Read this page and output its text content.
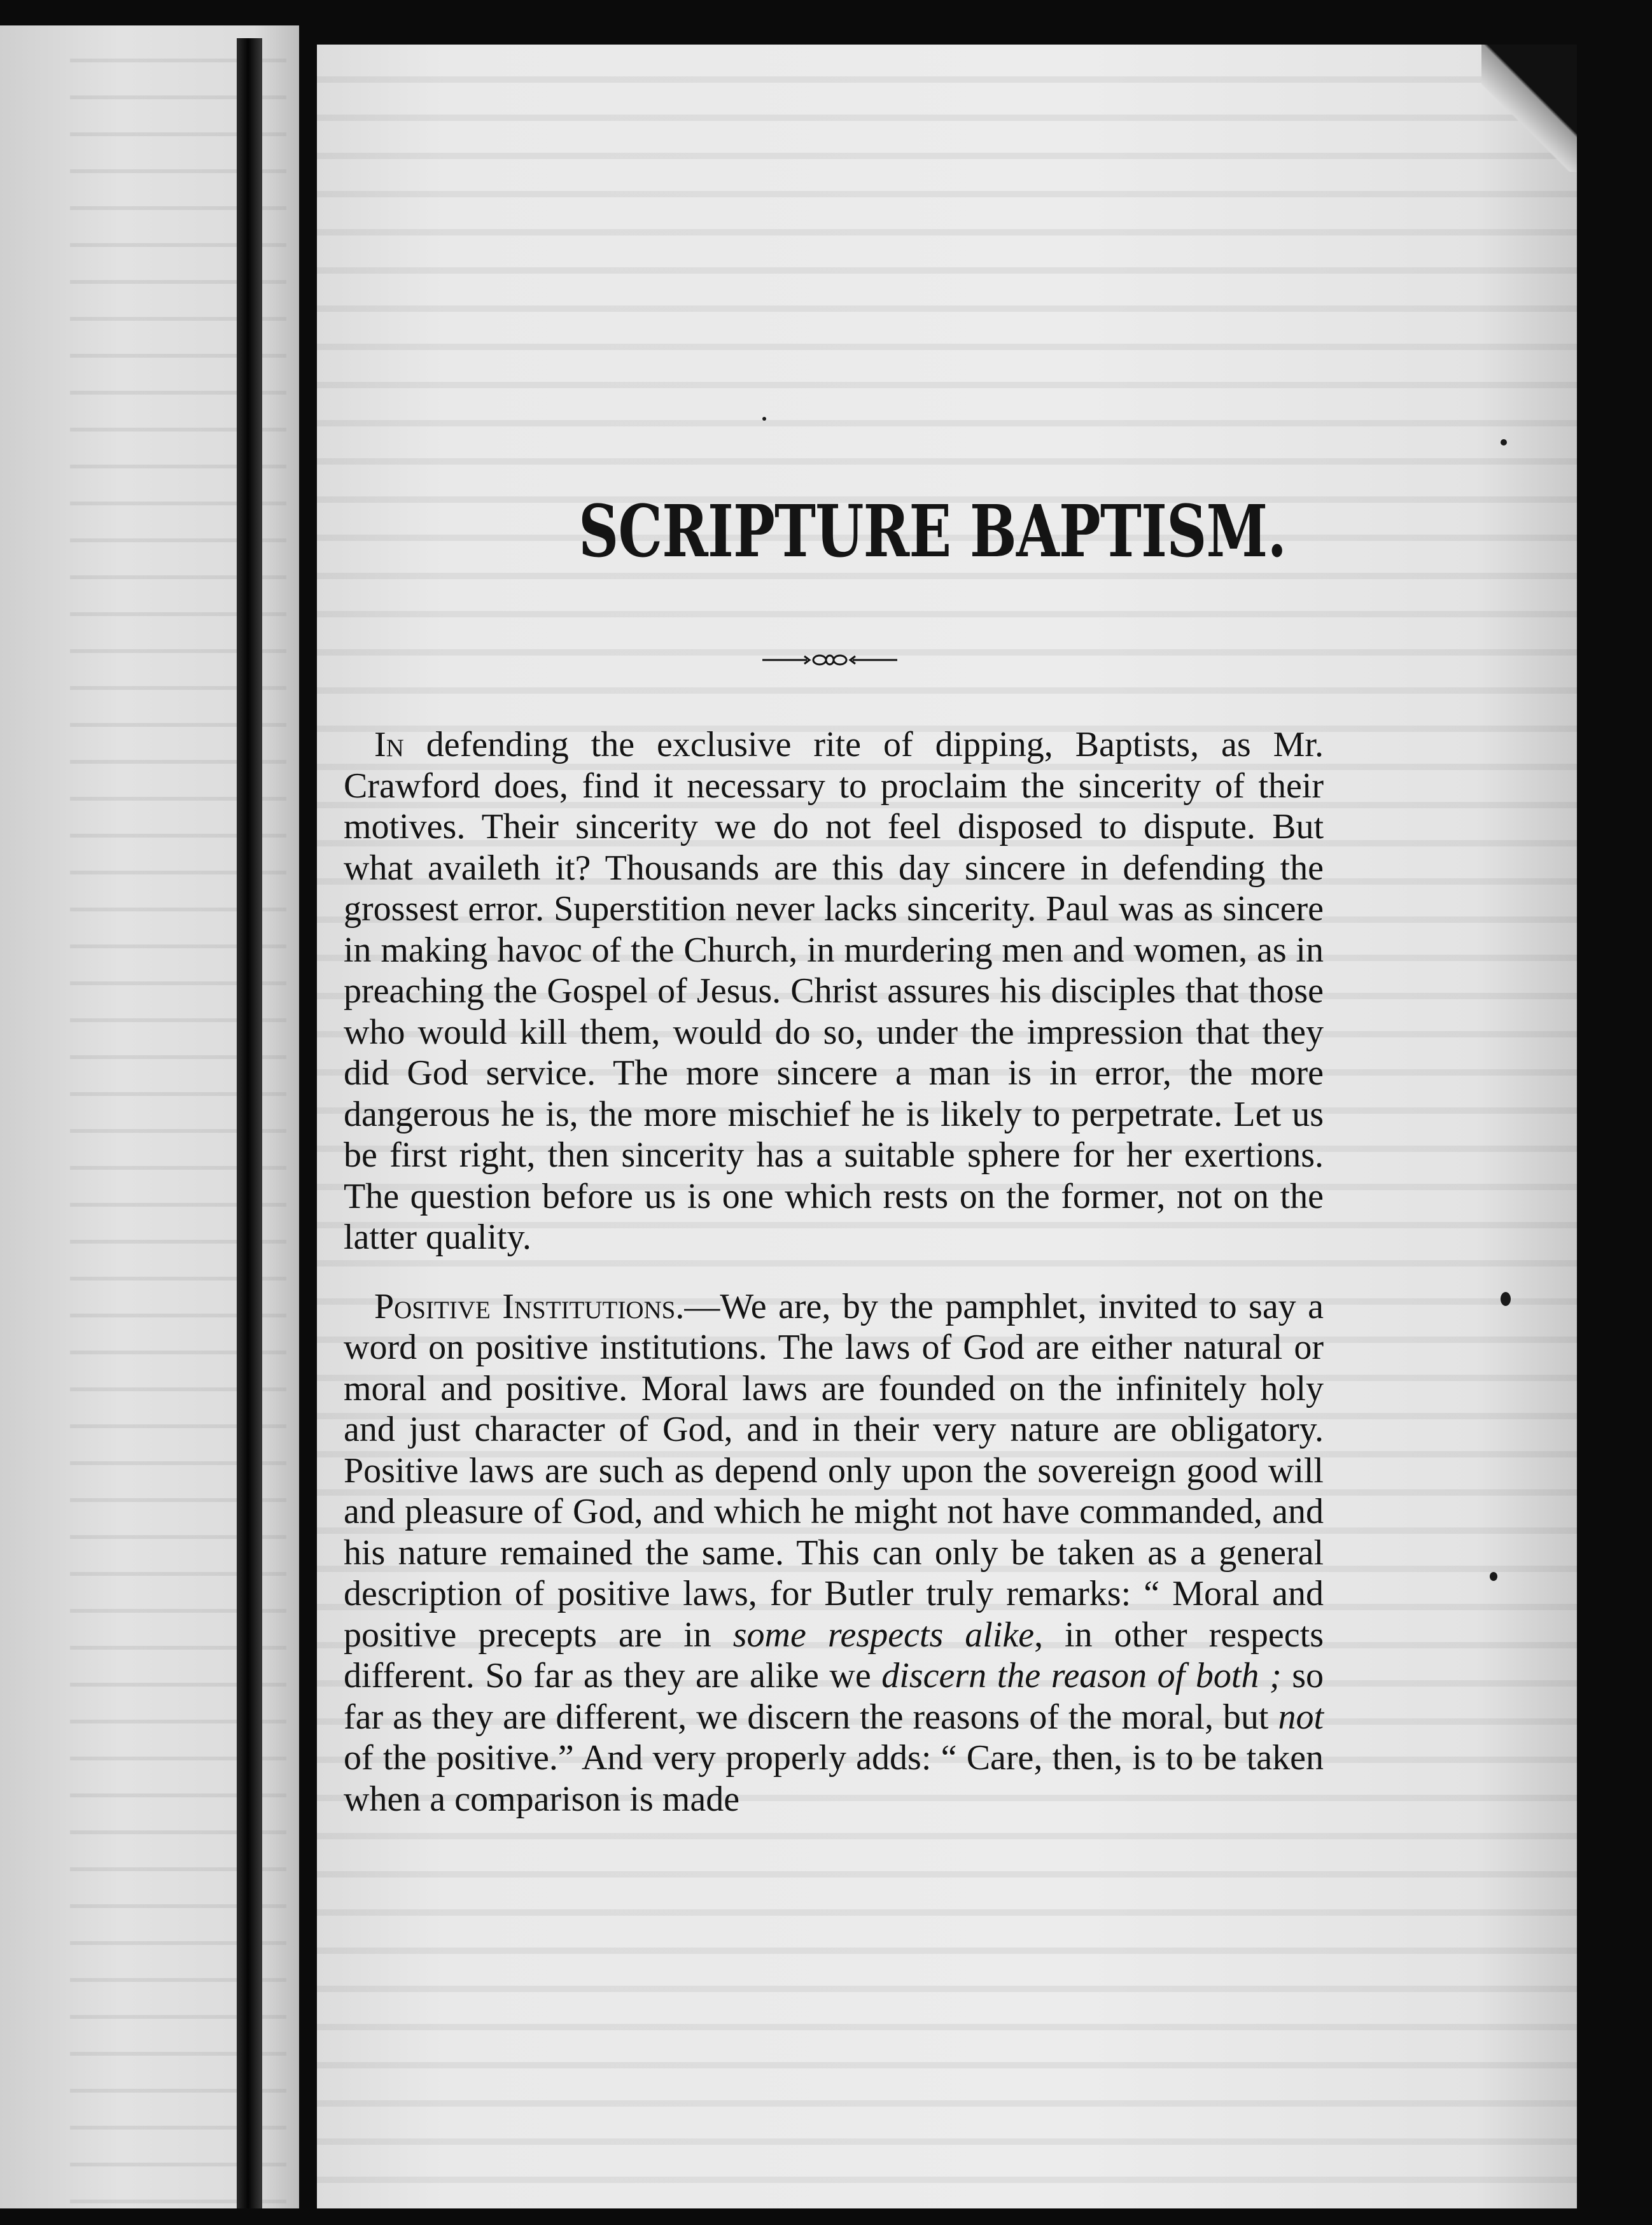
SCRIPTURE BAPTISM.

In defending the exclusive rite of dipping, Baptists, as Mr. Crawford does, find it necessary to proclaim the sincerity of their motives. Their sincerity we do not feel disposed to dispute. But what availeth it? Thousands are this day sincere in defending the grossest error. Superstition never lacks sincerity. Paul was as sincere in making havoc of the Church, in murdering men and women, as in preaching the Gospel of Jesus. Christ assures his disciples that those who would kill them, would do so, under the impression that they did God service. The more sincere a man is in error, the more dangerous he is, the more mischief he is likely to perpetrate. Let us be first right, then sincerity has a suitable sphere for her exertions. The question before us is one which rests on the former, not on the latter quality.

Positive Institutions.—We are, by the pamphlet, invited to say a word on positive institutions. The laws of God are either natural or moral and positive. Moral laws are founded on the infinitely holy and just character of God, and in their very nature are obligatory. Positive laws are such as depend only upon the sovereign good will and pleasure of God, and which he might not have commanded, and his nature remained the same. This can only be taken as a general description of positive laws, for Butler truly remarks: “ Moral and positive precepts are in some respects alike, in other respects different. So far as they are alike we discern the reason of both ; so far as they are different, we discern the reasons of the moral, but not of the positive.” And very properly adds: “ Care, then, is to be taken when a comparison is made
